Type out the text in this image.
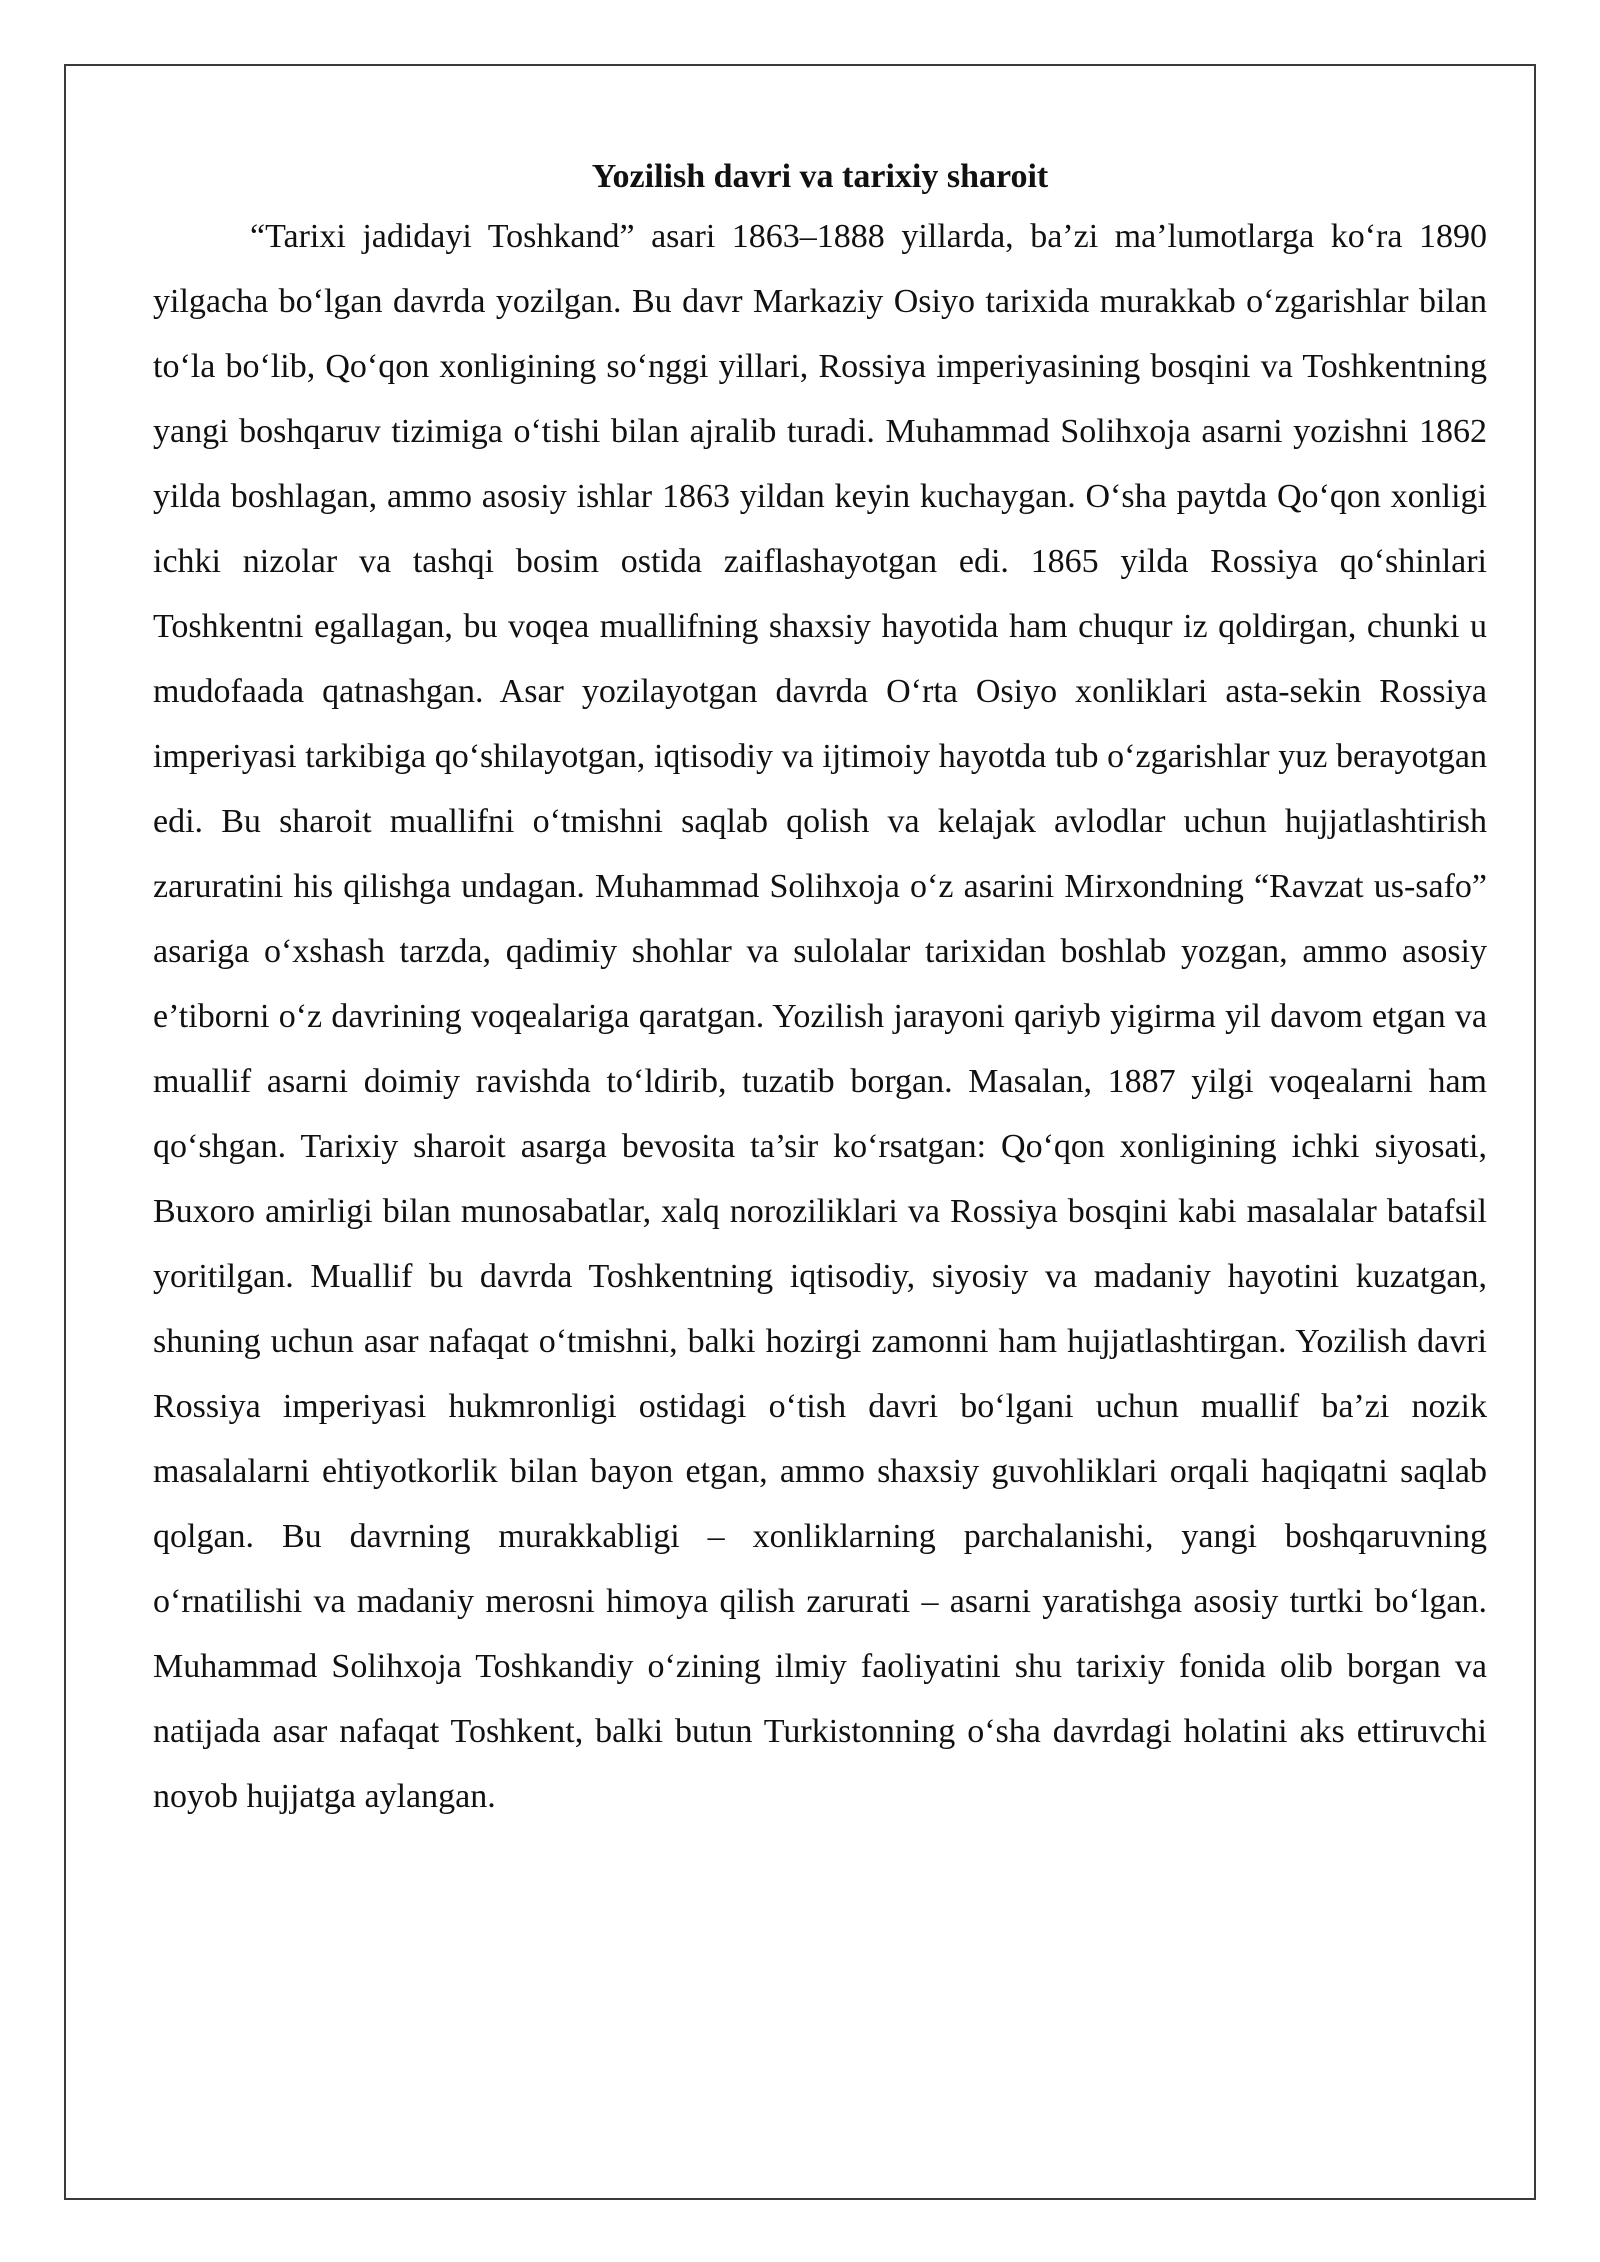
Yozilish davri va tarixiy sharoit

“Tarixi jadidayi Toshkand” asari 1863–1888 yillarda, ba’zi ma’lumotlarga ko‘ra 1890 yilgacha bo‘lgan davrda yozilgan. Bu davr Markaziy Osiyo tarixida murakkab o‘zgarishlar bilan to‘la bo‘lib, Qo‘qon xonligining so‘nggi yillari, Rossiya imperiyasining bosqini va Toshkentning yangi boshqaruv tizimiga o‘tishi bilan ajralib turadi. Muhammad Solihxoja asarni yozishni 1862 yilda boshlagan, ammo asosiy ishlar 1863 yildan keyin kuchaygan. O‘sha paytda Qo‘qon xonligi ichki nizolar va tashqi bosim ostida zaiflashayotgan edi. 1865 yilda Rossiya qo‘shinlari Toshkentni egallagan, bu voqea muallifning shaxsiy hayotida ham chuqur iz qoldirgan, chunki u mudofaada qatnashgan. Asar yozilayotgan davrda O‘rta Osiyo xonliklari asta-sekin Rossiya imperiyasi tarkibiga qo‘shilayotgan, iqtisodiy va ijtimoiy hayotda tub o‘zgarishlar yuz berayotgan edi. Bu sharoit muallifni o‘tmishni saqlab qolish va kelajak avlodlar uchun hujjatlashtirish zaruratini his qilishga undagan. Muhammad Solihxoja o‘z asarini Mirxondning “Ravzat us-safo” asariga o‘xshash tarzda, qadimiy shohlar va sulolalar tarixidan boshlab yozgan, ammo asosiy e’tiborni o‘z davrining voqealariga qaratgan. Yozilish jarayoni qariyb yigirma yil davom etgan va muallif asarni doimiy ravishda to‘ldirib, tuzatib borgan. Masalan, 1887 yilgi voqealarni ham qo‘shgan. Tarixiy sharoit asarga bevosita ta’sir ko‘rsatgan: Qo‘qon xonligining ichki siyosati, Buxoro amirligi bilan munosabatlar, xalq noroziliklari va Rossiya bosqini kabi masalalar batafsil yoritilgan. Muallif bu davrda Toshkentning iqtisodiy, siyosiy va madaniy hayotini kuzatgan, shuning uchun asar nafaqat o‘tmishni, balki hozirgi zamonni ham hujjatlashtirgan. Yozilish davri Rossiya imperiyasi hukmronligi ostidagi o‘tish davri bo‘lgani uchun muallif ba’zi nozik masalalarni ehtiyotkorlik bilan bayon etgan, ammo shaxsiy guvohliklari orqali haqiqatni saqlab qolgan. Bu davrning murakkabligi – xonliklarning parchalanishi, yangi boshqaruvning o‘rnatilishi va madaniy merosni himoya qilish zarurati – asarni yaratishga asosiy turtki bo‘lgan. Muhammad Solihxoja Toshkandiy o‘zining ilmiy faoliyatini shu tarixiy fonida olib borgan va natijada asar nafaqat Toshkent, balki butun Turkistonning o‘sha davrdagi holatini aks ettiruvchi noyob hujjatga aylangan.
